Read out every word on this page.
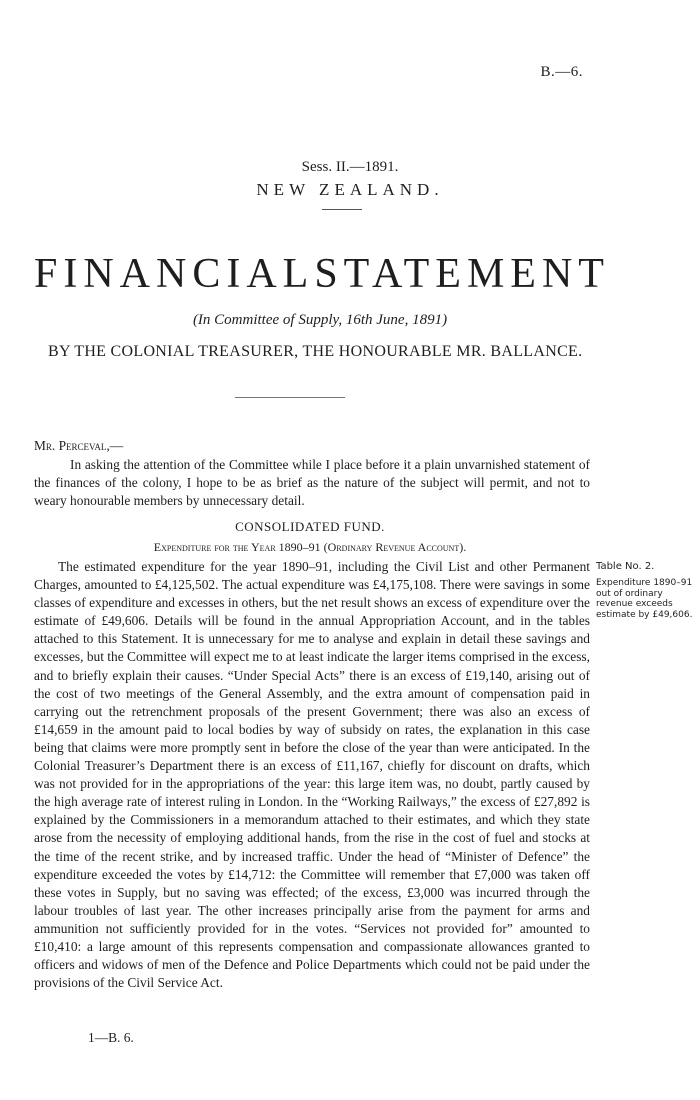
B.—6.
Sess. II.—1891.
NEW ZEALAND.
FINANCIAL STATEMENT
(In Committee of Supply, 16th June, 1891)
BY THE COLONIAL TREASURER, THE HONOURABLE MR. BALLANCE.
Mr. Perceval,—

In asking the attention of the Committee while I place before it a plain unvarnished statement of the finances of the colony, I hope to be as brief as the nature of the subject will permit, and not to weary honourable members by unnecessary detail.

CONSOLIDATED FUND.
Expenditure for the Year 1890–91 (Ordinary Revenue Account).

The estimated expenditure for the year 1890–91, including the Civil List and other Permanent Charges, amounted to £4,125,502. The actual expenditure was £4,175,108. There were savings in some classes of expenditure and excesses in others, but the net result shows an excess of expenditure over the estimate of £49,606. Details will be found in the annual Appropriation Account, and in the tables attached to this Statement. It is unnecessary for me to analyse and explain in detail these savings and excesses, but the Committee will expect me to at least indicate the larger items comprised in the excess, and to briefly explain their causes. “Under Special Acts” there is an excess of £19,140, arising out of the cost of two meetings of the General Assembly, and the extra amount of compensation paid in carrying out the retrenchment proposals of the present Government; there was also an excess of £14,659 in the amount paid to local bodies by way of subsidy on rates, the explanation in this case being that claims were more promptly sent in before the close of the year than were anticipated. In the Colonial Treasurer’s Department there is an excess of £11,167, chiefly for discount on drafts, which was not provided for in the appropriations of the year: this large item was, no doubt, partly caused by the high average rate of interest ruling in London. In the “Working Railways,” the excess of £27,892 is explained by the Commissioners in a memorandum attached to their estimates, and which they state arose from the necessity of employing additional hands, from the rise in the cost of fuel and stocks at the time of the recent strike, and by increased traffic. Under the head of “Minister of Defence” the expenditure exceeded the votes by £14,712: the Committee will remember that £7,000 was taken off these votes in Supply, but no saving was effected; of the excess, £3,000 was incurred through the labour troubles of last year. The other increases principally arise from the payment for arms and ammunition not sufficiently provided for in the votes. “Services not provided for” amounted to £10,410: a large amount of this represents compensation and compassionate allowances granted to officers and widows of men of the Defence and Police Departments which could not be paid under the provisions of the Civil Service Act.

Table No. 2.
Expenditure 1890–91 out of ordinary revenue exceeds estimate by £49,606.
1—B. 6.
